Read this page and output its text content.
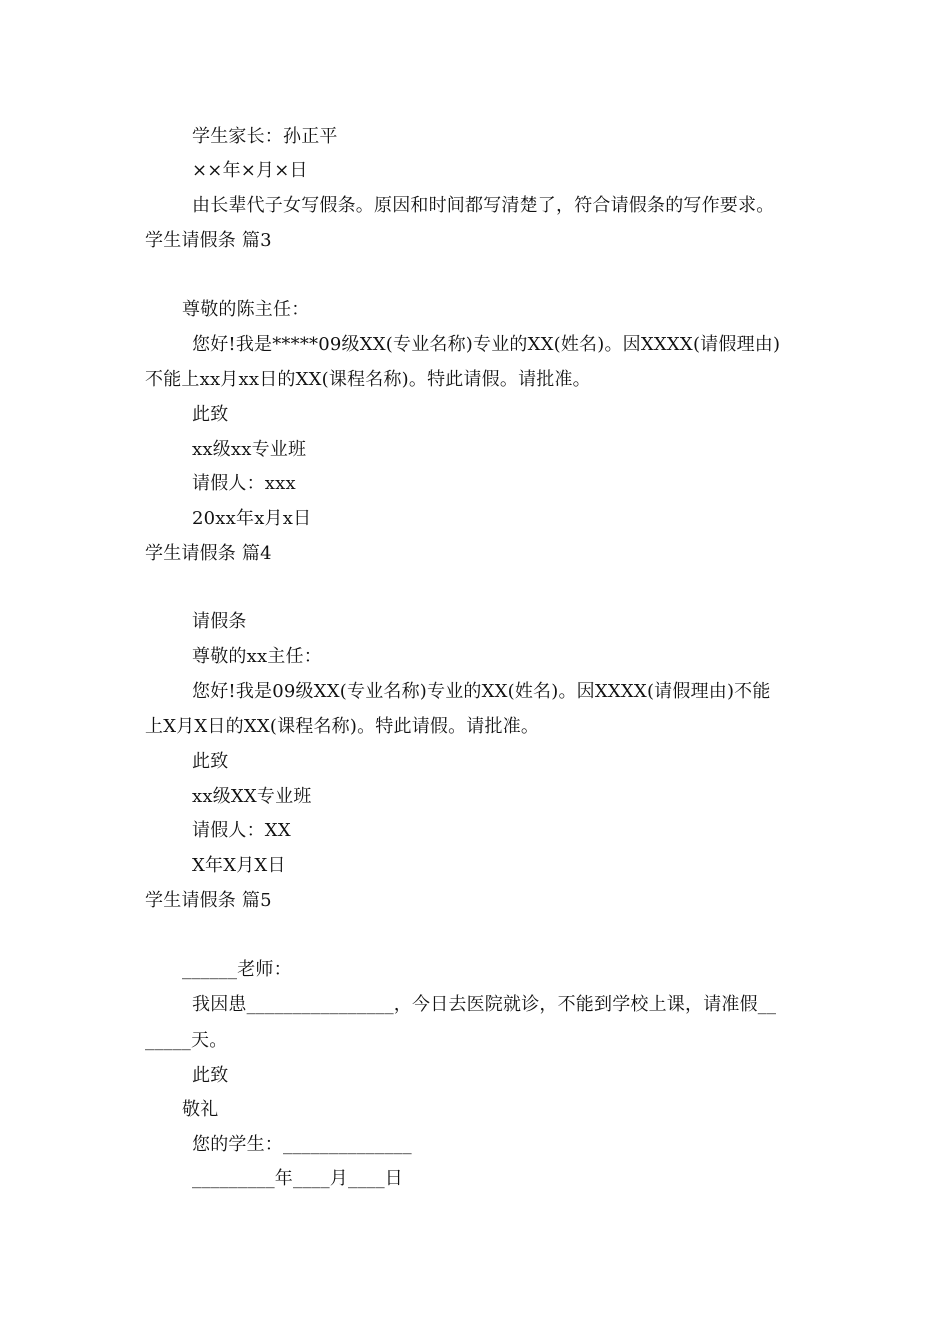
学生家长：孙正平
××年×月×日
由长辈代子女写假条。原因和时间都写清楚了，符合请假条的写作要求。
学生请假条 篇3
尊敬的陈主任：
您好!我是*****09级XX(专业名称)专业的XX(姓名)。因XXXX(请假理由)
不能上xx月xx日的XX(课程名称)。特此请假。请批准。
此致
xx级xx专业班
请假人：xxx
20xx年x月x日
学生请假条 篇4
请假条
尊敬的xx主任：
您好!我是09级XX(专业名称)专业的XX(姓名)。因XXXX(请假理由)不能
上X月X日的XX(课程名称)。特此请假。请批准。
此致
xx级XX专业班
请假人：XX
X年X月X日
学生请假条 篇5
______老师：
我因患________________，今日去医院就诊，不能到学校上课，请准假__
_____天。
此致
敬礼
您的学生：______________
_________年____月____日
